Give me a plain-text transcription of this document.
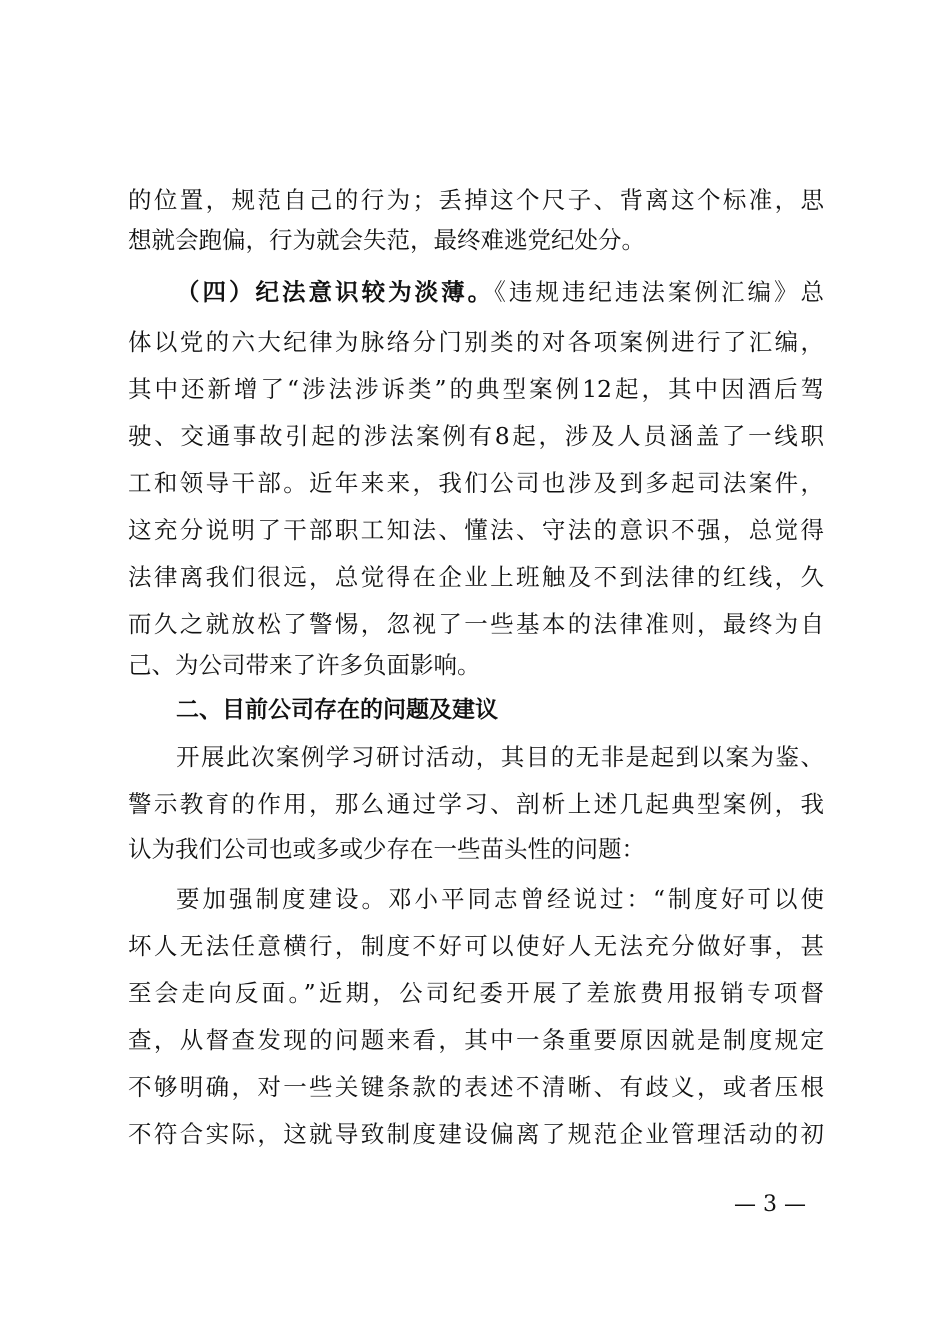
的位置，规范自己的行为；丢掉这个尺子、背离这个标准，思
想就会跑偏，行为就会失范，最终难逃党纪处分。
（四）纪法意识较为淡薄。《违规违纪违法案例汇编》总
体以党的六大纪律为脉络分门别类的对各项案例进行了汇编，
其中还新增了“涉法涉诉类”的典型案例12起，其中因酒后驾
驶、交通事故引起的涉法案例有8起，涉及人员涵盖了一线职
工和领导干部。近年来来，我们公司也涉及到多起司法案件，
这充分说明了干部职工知法、懂法、守法的意识不强，总觉得
法律离我们很远，总觉得在企业上班触及不到法律的红线，久
而久之就放松了警惕，忽视了一些基本的法律准则，最终为自
己、为公司带来了许多负面影响。
二、目前公司存在的问题及建议
开展此次案例学习研讨活动，其目的无非是起到以案为鉴、
警示教育的作用，那么通过学习、剖析上述几起典型案例，我
认为我们公司也或多或少存在一些苗头性的问题：
要加强制度建设。邓小平同志曾经说过：“制度好可以使
坏人无法任意横行，制度不好可以使好人无法充分做好事，甚
至会走向反面。”近期，公司纪委开展了差旅费用报销专项督
查，从督查发现的问题来看，其中一条重要原因就是制度规定
不够明确，对一些关键条款的表述不清晰、有歧义，或者压根
不符合实际，这就导致制度建设偏离了规范企业管理活动的初
— 3 —
